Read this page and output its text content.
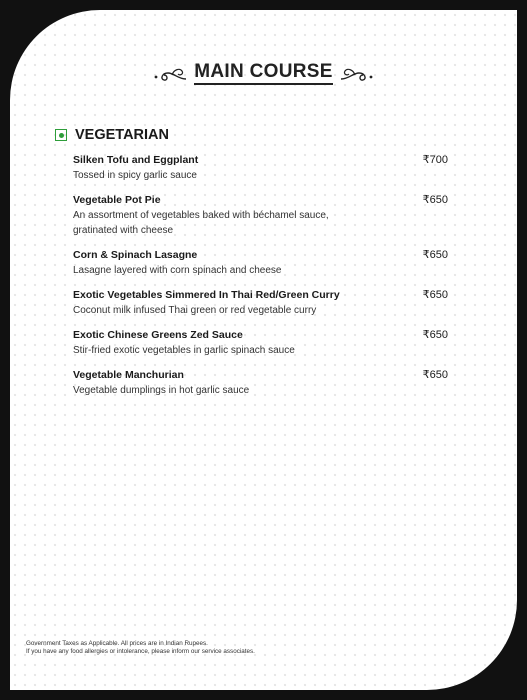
MAIN COURSE
VEGETARIAN
Silken Tofu and Eggplant
Tossed in spicy garlic sauce
₹700
Vegetable Pot Pie
An assortment of vegetables baked with béchamel sauce, gratinated with cheese
₹650
Corn & Spinach Lasagne
Lasagne layered with corn spinach and cheese
₹650
Exotic Vegetables Simmered In Thai Red/Green Curry
Coconut milk infused Thai green or red vegetable curry
₹650
Exotic Chinese Greens Zed Sauce
Stir-fried exotic vegetables in garlic spinach sauce
₹650
Vegetable Manchurian
Vegetable dumplings in hot garlic sauce
₹650
Government Taxes as Applicable. All prices are in Indian Rupees.
If you have any food allergies or intolerance, please inform our service associates.
